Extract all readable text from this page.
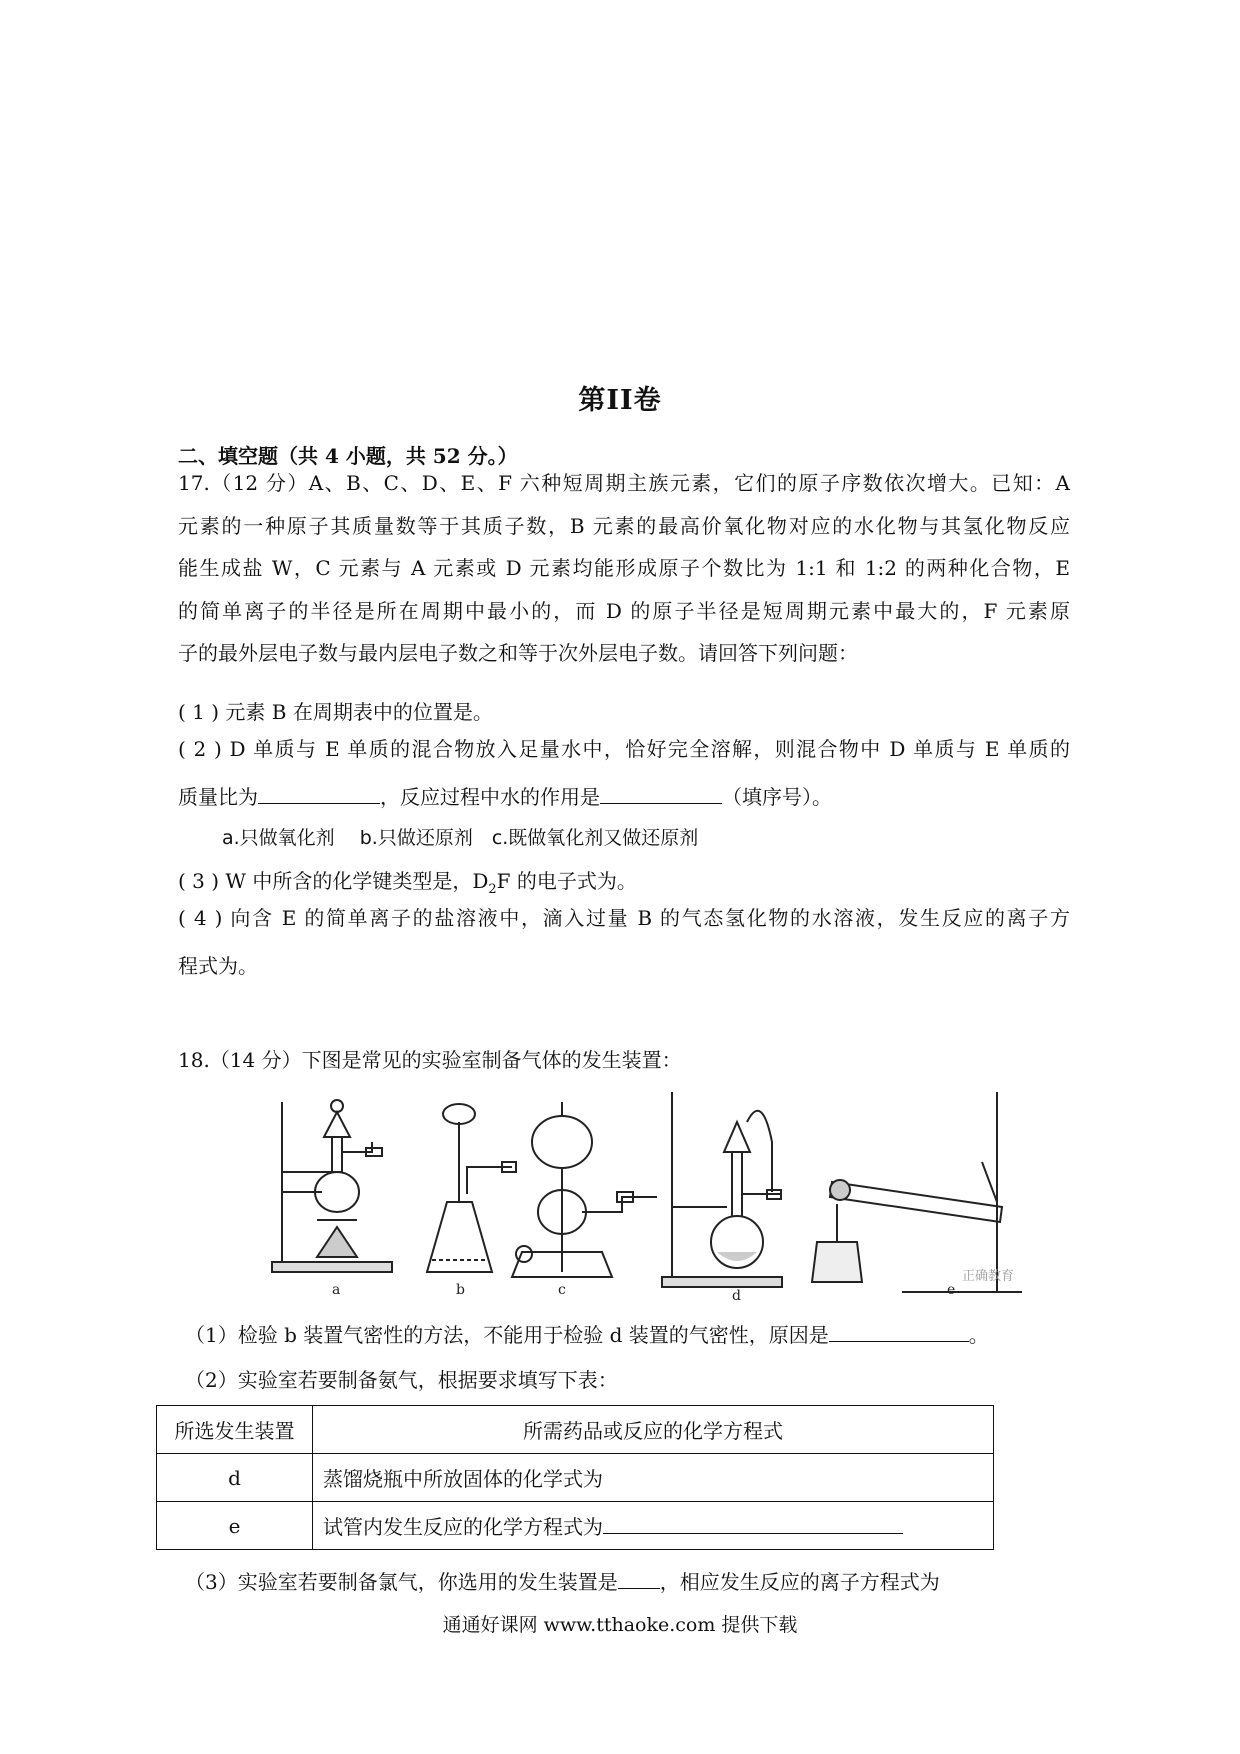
第II卷
二、填空题（共 4 小题，共 52 分。）
17.（12 分）A、B、C、D、E、F 六种短周期主族元素，它们的原子序数依次增大。已知：A
元素的一种原子其质量数等于其质子数，B 元素的最高价氧化物对应的水化物与其氢化物反应
能生成盐 W，C 元素与 A 元素或 D 元素均能形成原子个数比为 1:1 和 1:2 的两种化合物，E
的简单离子的半径是所在周期中最小的，而 D 的原子半径是短周期元素中最大的，F 元素原
子的最外层电子数与最内层电子数之和等于次外层电子数。请回答下列问题：
( 1 ) 元素 B 在周期表中的位置是。
( 2 ) D 单质与 E 单质的混合物放入足量水中，恰好完全溶解，则混合物中 D 单质与 E 单质的
质量比为	，反应过程中水的作用是	（填序号）。
a.只做氧化剂　 b.只做还原剂　c.既做氧化剂又做还原剂
( 3 ) W 中所含的化学键类型是，$D_2F$ 的电子式为。
( 4 ) 向含 E 的简单离子的盐溶液中，滴入过量 B 的气态氢化物的水溶液，发生反应的离子方
程式为。
18.（14 分）下图是常见的实验室制备气体的发生装置：
a	b	c	d	e
正确教育
（1）检验 b 装置气密性的方法，不能用于检验 d 装置的气密性，原因是	。
（2）实验室若要制备氨气，根据要求填写下表：
所选发生装置	所需药品或反应的化学方程式
d	蒸馏烧瓶中所放固体的化学式为
e	试管内发生反应的化学方程式为
（3）实验室若要制备氯气，你选用的发生装置是 ，相应发生反应的离子方程式为
通通好课网 www.tthaoke.com 提供下载
